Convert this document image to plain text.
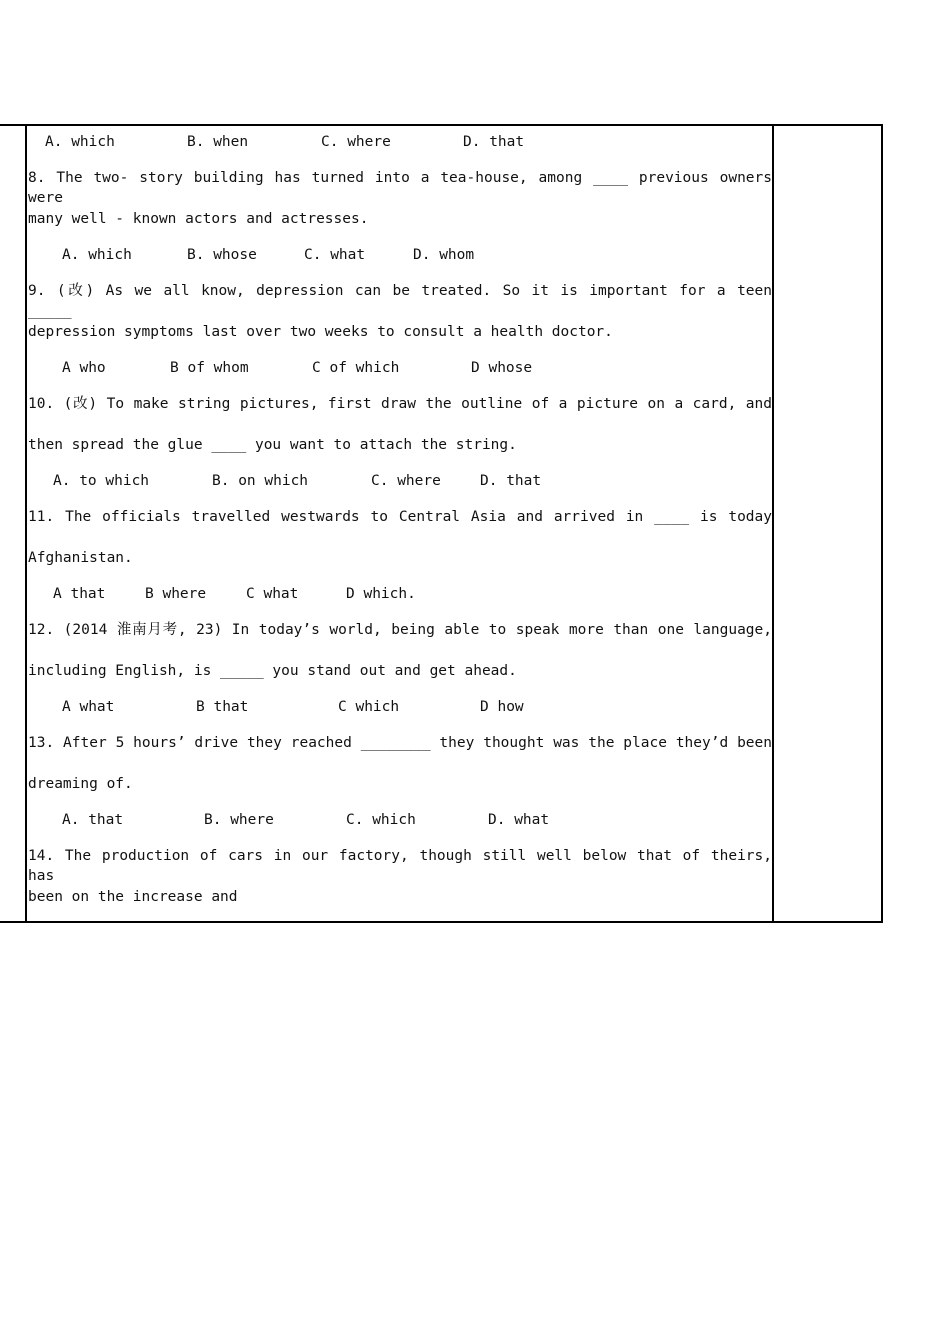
A. which	B. when	C. where	D. that
8. The two- story building has turned into a tea-house, among ____ previous owners were
many well - known actors and actresses.
A. which	B. whose	C. what	D. whom
9. (改) As we all know, depression can be treated. So it is important for a teen _____
depression symptoms last over two weeks to consult a health doctor.
A who	B of whom	C of which	D whose
10. (改) To make string pictures, first draw the outline of a picture on a card, and
then spread the glue ____ you want to attach the string.
A. to which	B. on which	C. where	D. that
11. The officials travelled westwards to Central Asia and arrived in ____ is today
Afghanistan.
A that	B where	C what	D which.
12. (2014 淮南月考, 23) In today’s world, being able to speak more than one language,
including English, is _____ you stand out and get ahead.
A what	B that	C which	D how
13. After 5 hours’ drive they reached ________ they thought was the place they’d been
dreaming of.
A. that	B. where	C. which	D. what
14. The production of cars in our factory, though still well below that of theirs, has
been on the increase and
